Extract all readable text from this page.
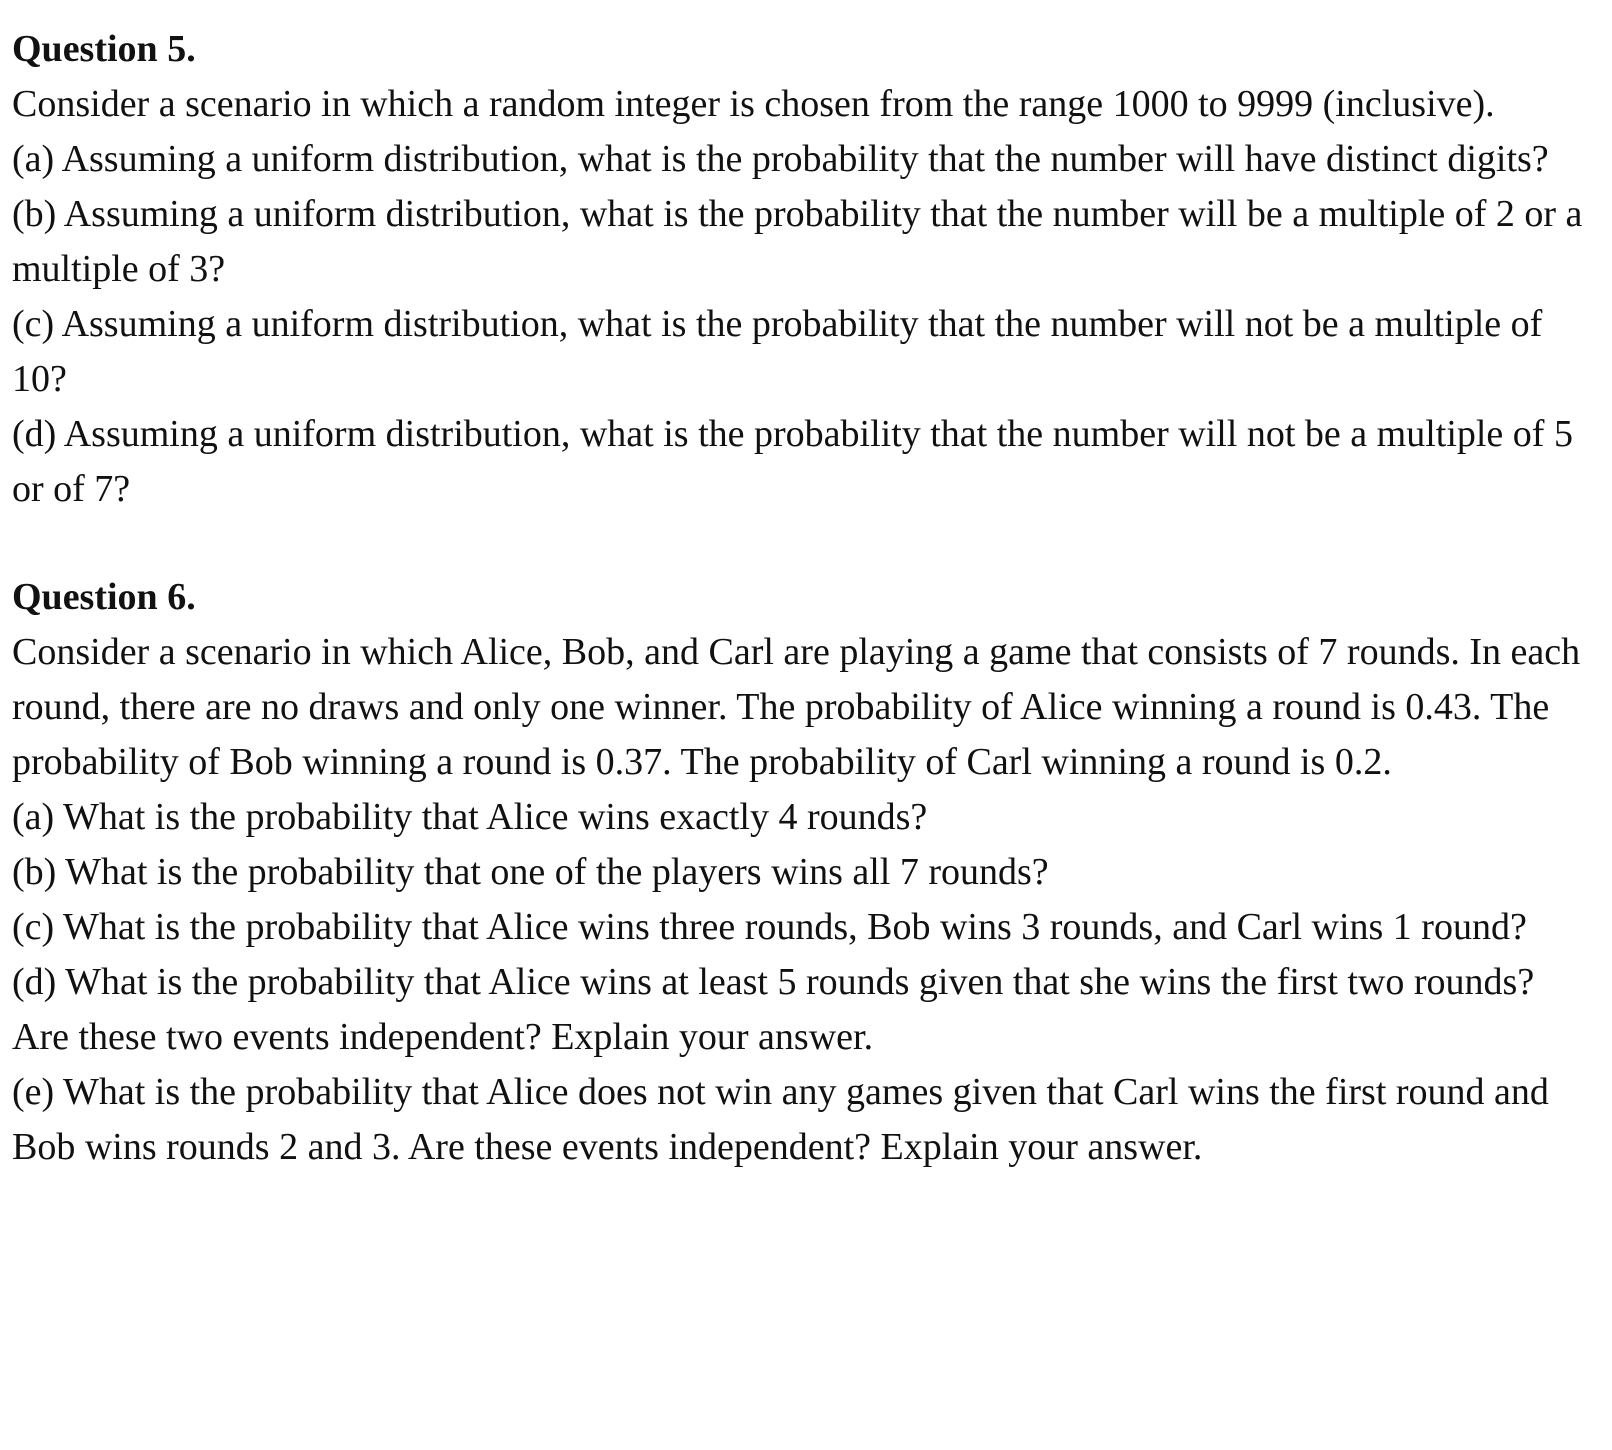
Question 5.

Consider a scenario in which a random integer is chosen from the range 1000 to 9999 (inclusive).

(a) Assuming a uniform distribution, what is the probability that the number will have distinct digits?

(b) Assuming a uniform distribution, what is the probability that the number will be a multiple of 2 or a multiple of 3?

(c) Assuming a uniform distribution, what is the probability that the number will not be a multiple of 10?

(d) Assuming a uniform distribution, what is the probability that the number will not be a multiple of 5 or of 7?

Question 6.

Consider a scenario in which Alice, Bob, and Carl are playing a game that consists of 7 rounds. In each round, there are no draws and only one winner. The probability of Alice winning a round is 0.43. The probability of Bob winning a round is 0.37. The probability of Carl winning a round is 0.2.

(a) What is the probability that Alice wins exactly 4 rounds?

(b) What is the probability that one of the players wins all 7 rounds?

(c) What is the probability that Alice wins three rounds, Bob wins 3 rounds, and Carl wins 1 round?

(d) What is the probability that Alice wins at least 5 rounds given that she wins the first two rounds? Are these two events independent? Explain your answer.

(e) What is the probability that Alice does not win any games given that Carl wins the first round and Bob wins rounds 2 and 3. Are these events independent? Explain your answer.
